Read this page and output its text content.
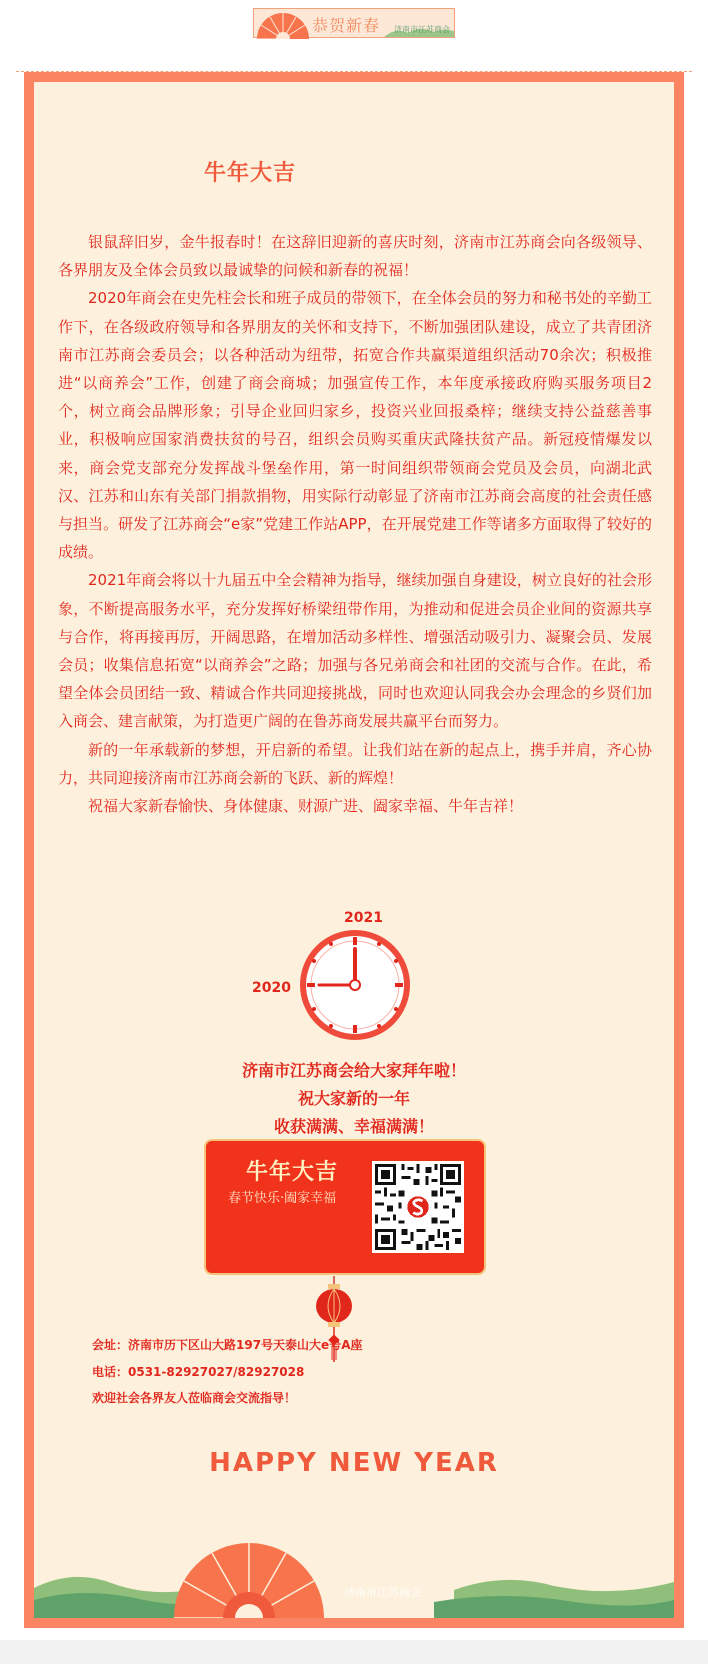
恭贺新春 济南市江苏商会
牛年大吉

银鼠辞旧岁，金牛报春时！在这辞旧迎新的喜庆时刻，济南市江苏商会向各级领导、各界朋友及全体会员致以最诚挚的问候和新春的祝福！

2020年商会在史先柱会长和班子成员的带领下，在全体会员的努力和秘书处的辛勤工作下，在各级政府领导和各界朋友的关怀和支持下，不断加强团队建设，成立了共青团济南市江苏商会委员会；以各种活动为纽带，拓宽合作共赢渠道组织活动70余次；积极推进“以商养会”工作，创建了商会商城；加强宣传工作，本年度承接政府购买服务项目2个，树立商会品牌形象；引导企业回归家乡，投资兴业回报桑梓；继续支持公益慈善事业，积极响应国家消费扶贫的号召，组织会员购买重庆武隆扶贫产品。新冠疫情爆发以来，商会党支部充分发挥战斗堡垒作用，第一时间组织带领商会党员及会员，向湖北武汉、江苏和山东有关部门捐款捐物，用实际行动彰显了济南市江苏商会高度的社会责任感与担当。研发了江苏商会“e家”党建工作站APP，在开展党建工作等诸多方面取得了较好的成绩。

2021年商会将以十九届五中全会精神为指导，继续加强自身建设，树立良好的社会形象，不断提高服务水平，充分发挥好桥梁纽带作用，为推动和促进会员企业间的资源共享与合作，将再接再厉，开阔思路，在增加活动多样性、增强活动吸引力、凝聚会员、发展会员；收集信息拓宽“以商养会”之路；加强与各兄弟商会和社团的交流与合作。在此，希望全体会员团结一致、精诚合作共同迎接挑战，同时也欢迎认同我会办会理念的乡贤们加入商会、建言献策，为打造更广阔的在鲁苏商发展共赢平台而努力。

新的一年承载新的梦想，开启新的希望。让我们站在新的起点上，携手并肩，齐心协力，共同迎接济南市江苏商会新的飞跃、新的辉煌！

祝福大家新春愉快、身体健康、财源广进、阖家幸福、牛年吉祥！

2021
2020
济南市江苏商会给大家拜年啦！
祝大家新的一年
收获满满、幸福满满！
牛年大吉
春节快乐·阖家幸福
会址：济南市历下区山大路197号天泰山大e号A座
电话：0531-82927027/82927028
欢迎社会各界友人莅临商会交流指导！
HAPPY NEW YEAR
济南市江苏商会
